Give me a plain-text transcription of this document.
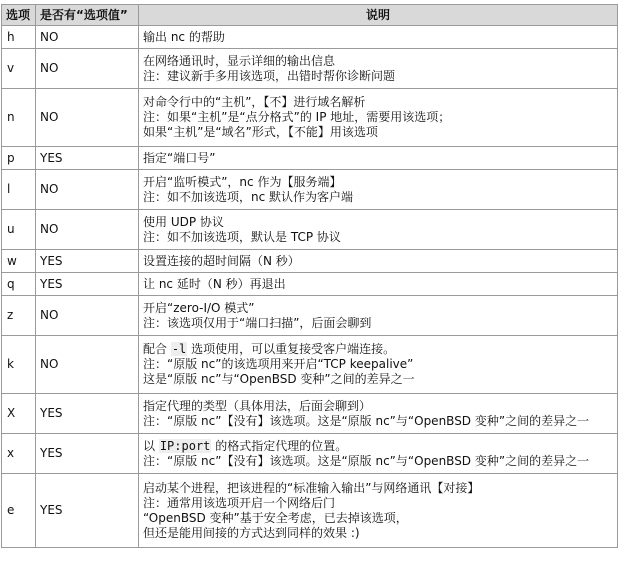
选项	是否有“选项值”	说明
h	NO	输出 nc 的帮助

v	NO	在网络通讯时，显示详细的输出信息
注：建议新手多用该选项，出错时帮你诊断问题

n	NO	对命令行中的“主机”，【不】进行域名解析
注：如果“主机”是“点分格式”的 IP 地址，需要用该选项；
如果“主机”是“域名”形式，【不能】用该选项

p	YES	指定“端口号”

l	NO	开启“监听模式”，nc 作为【服务端】
注：如不加该选项，nc 默认作为客户端

u	NO	使用 UDP 协议
注：如不加该选项，默认是 TCP 协议

w	YES	设置连接的超时间隔（N 秒）

q	YES	让 nc 延时（N 秒）再退出

z	NO	开启“zero-I/O 模式”
注：该选项仅用于“端口扫描”，后面会聊到

k	NO	配合 -l 选项使用，可以重复接受客户端连接。
注：“原版 nc”的该选项用来开启“TCP keepalive”
这是“原版 nc”与“OpenBSD 变种”之间的差异之一

X	YES	指定代理的类型（具体用法，后面会聊到）
注：“原版 nc”【没有】该选项。这是“原版 nc”与“OpenBSD 变种”之间的差异之一

x	YES	以 IP:port 的格式指定代理的位置。
注：“原版 nc”【没有】该选项。这是“原版 nc”与“OpenBSD 变种”之间的差异之一

e	YES	启动某个进程，把该进程的“标准输入输出”与网络通讯【对接】
注：通常用该选项开启一个网络后门
“OpenBSD 变种”基于安全考虑，已去掉该选项，
但还是能用间接的方式达到同样的效果 :)
